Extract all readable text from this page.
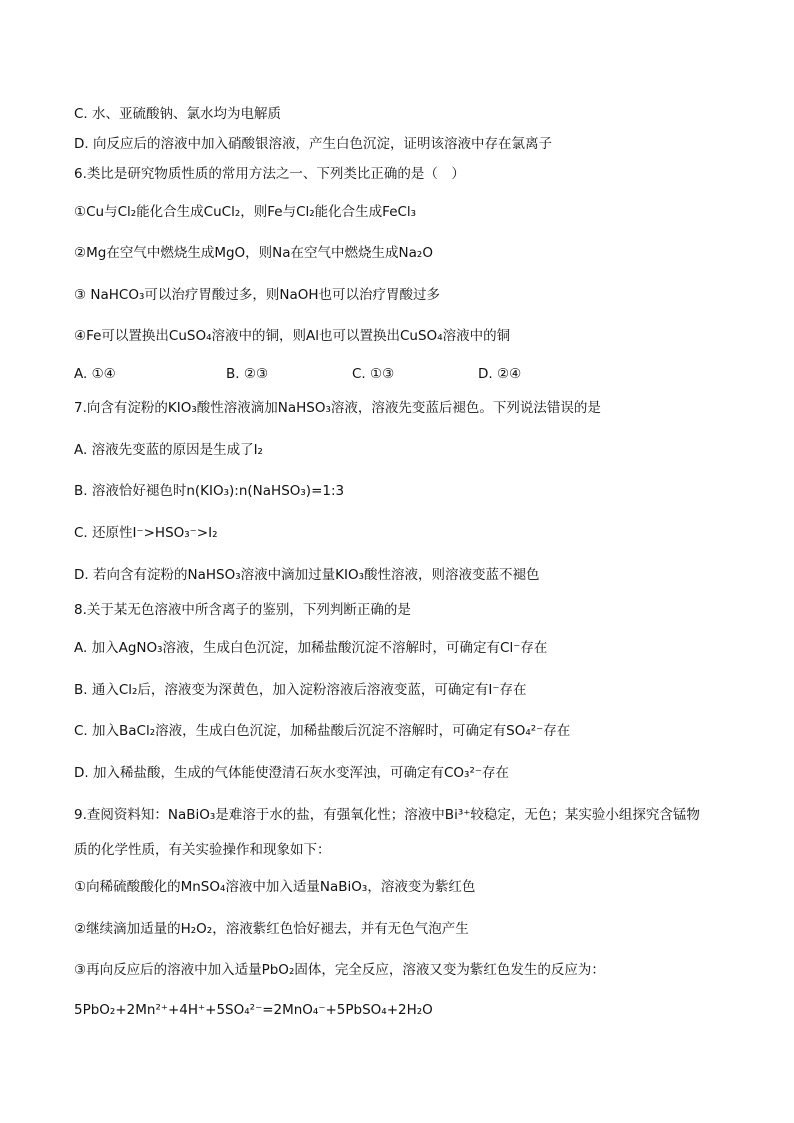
C. 水、亚硫酸钠、氯水均为电解质
D. 向反应后的溶液中加入硝酸银溶液，产生白色沉淀，证明该溶液中存在氯离子
6.类比是研究物质性质的常用方法之一、下列类比正确的是（　）
①Cu与Cl₂能化合生成CuCl₂，则Fe与Cl₂能化合生成FeCl₃
②Mg在空气中燃烧生成MgO，则Na在空气中燃烧生成Na₂O
③ NaHCO₃可以治疗胃酸过多，则NaOH也可以治疗胃酸过多
④Fe可以置换出CuSO₄溶液中的铜，则Al也可以置换出CuSO₄溶液中的铜
A. ①④	B. ②③	C. ①③	D. ②④
7.向含有淀粉的KIO₃酸性溶液滴加NaHSO₃溶液，溶液先变蓝后褪色。下列说法错误的是
A. 溶液先变蓝的原因是生成了I₂
B. 溶液恰好褪色时n(KIO₃):n(NaHSO₃)=1:3
C. 还原性I⁻>HSO₃⁻>I₂
D. 若向含有淀粉的NaHSO₃溶液中滴加过量KIO₃酸性溶液，则溶液变蓝不褪色
8.关于某无色溶液中所含离子的鉴别，下列判断正确的是
A. 加入AgNO₃溶液，生成白色沉淀，加稀盐酸沉淀不溶解时，可确定有Cl⁻存在
B. 通入Cl₂后，溶液变为深黄色，加入淀粉溶液后溶液变蓝，可确定有I⁻存在
C. 加入BaCl₂溶液，生成白色沉淀，加稀盐酸后沉淀不溶解时，可确定有SO₄²⁻存在
D. 加入稀盐酸，生成的气体能使澄清石灰水变浑浊，可确定有CO₃²⁻存在
9.查阅资料知：NaBiO₃是难溶于水的盐，有强氧化性；溶液中Bi³⁺较稳定，无色；某实验小组探究含锰物
质的化学性质，有关实验操作和现象如下：
①向稀硫酸酸化的MnSO₄溶液中加入适量NaBiO₃，溶液变为紫红色
②继续滴加适量的H₂O₂，溶液紫红色恰好褪去，并有无色气泡产生
③再向反应后的溶液中加入适量PbO₂固体，完全反应，溶液又变为紫红色发生的反应为：
5PbO₂+2Mn²⁺+4H⁺+5SO₄²⁻=2MnO₄⁻+5PbSO₄+2H₂O
